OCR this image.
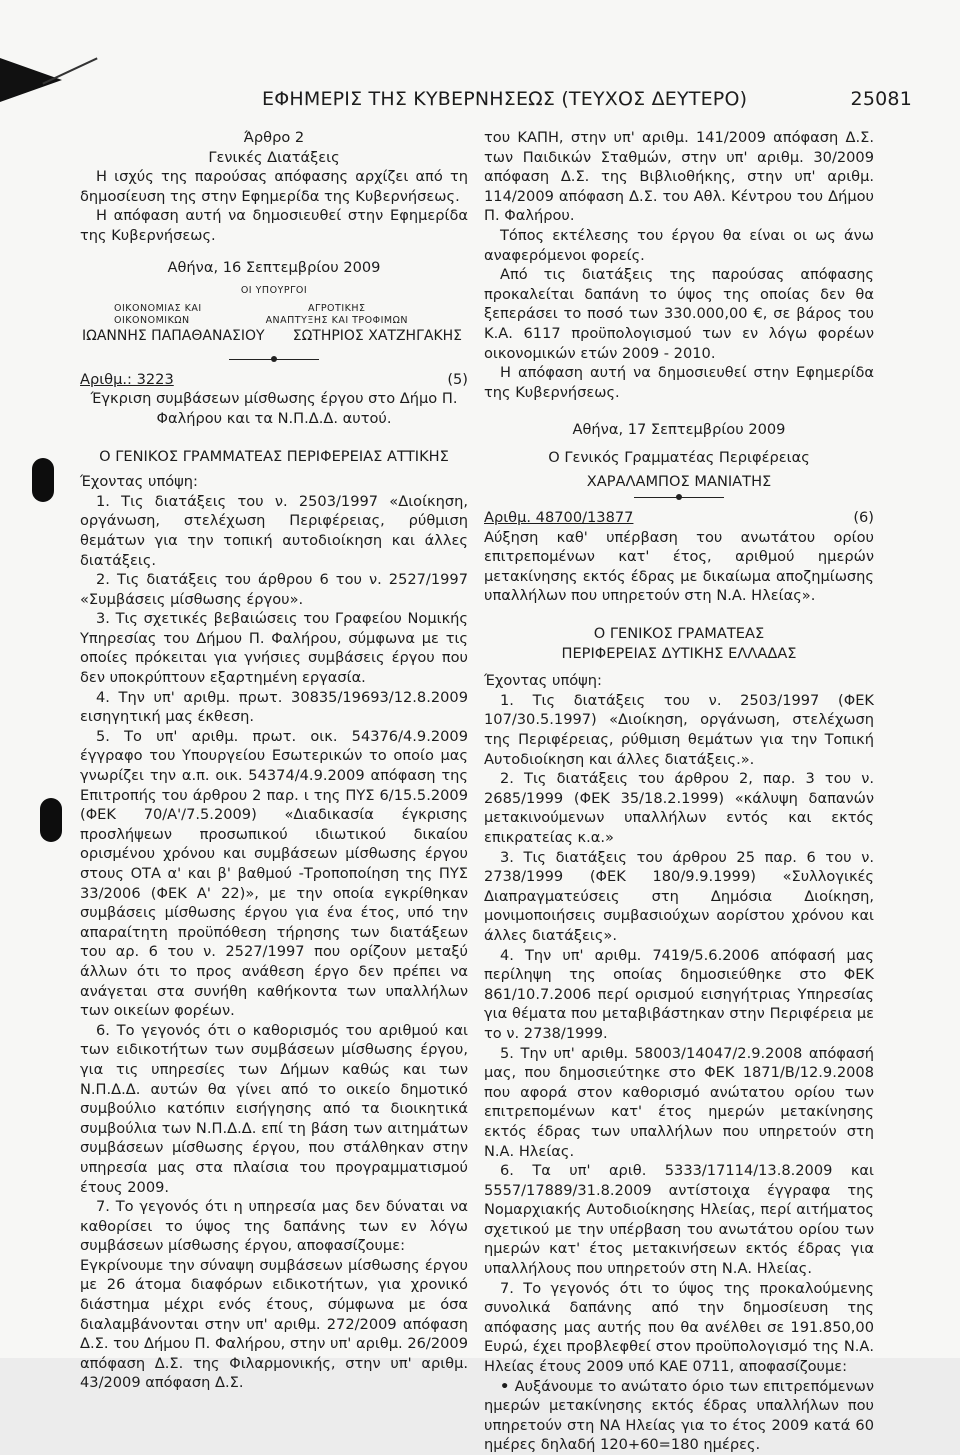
ΕΦΗΜΕΡΙΣ ΤΗΣ ΚΥΒΕΡΝΗΣΕΩΣ (ΤΕΥΧΟΣ ΔΕΥΤΕΡΟ)	25081

Άρθρο 2

Γενικές Διατάξεις

Η ισχύς της παρούσας απόφασης αρχίζει από τη δημοσίευση της στην Εφημερίδα της Κυβερνήσεως.

Η απόφαση αυτή να δημοσιευθεί στην Εφημερίδα της Κυβερνήσεως.

Αθήνα, 16 Σεπτεμβρίου 2009
ΟΙ ΥΠΟΥΡΓΟΙ
ΟΙΚΟΝΟΜΙΑΣ ΚΑΙ
ΟΙΚΟΝΟΜΙΚΩΝ
ΑΓΡΟΤΙΚΗΣ
ΑΝΑΠΤΥΞΗΣ ΚΑΙ ΤΡΟΦΙΜΩΝ
ΙΩΑΝΝΗΣ ΠΑΠΑΘΑΝΑΣΙΟΥ ΣΩΤΗΡΙΟΣ ΧΑΤΖΗΓΑΚΗΣ
Αριθμ.: 3223	(5)

Έγκριση συμβάσεων μίσθωσης έργου στο Δήμο Π. Φαλήρου και τα Ν.Π.Δ.Δ. αυτού.

Ο ΓΕΝΙΚΟΣ ΓΡΑΜΜΑΤΕΑΣ ΠΕΡΙΦΕΡΕΙΑΣ ΑΤΤΙΚΗΣ

Έχοντας υπόψη:

1. Τις διατάξεις του ν. 2503/1997 «Διοίκηση, οργάνωση, στελέχωση Περιφέρειας, ρύθμιση θεμάτων για την τοπική αυτοδιοίκηση και άλλες διατάξεις.

2. Τις διατάξεις του άρθρου 6 του ν. 2527/1997 «Συμβάσεις μίσθωσης έργου».

3. Τις σχετικές βεβαιώσεις του Γραφείου Νομικής Υπηρεσίας του Δήμου Π. Φαλήρου, σύμφωνα με τις οποίες πρόκειται για γνήσιες συμβάσεις έργου που δεν υποκρύπτουν εξαρτημένη εργασία.

4. Την υπ' αριθμ. πρωτ. 30835/19693/12.8.2009 εισηγητική μας έκθεση.

5. Το υπ' αριθμ. πρωτ. οικ. 54376/4.9.2009 έγγραφο του Υπουργείου Εσωτερικών το οποίο μας γνωρίζει την α.π. οικ. 54374/4.9.2009 απόφαση της Επιτροπής του άρθρου 2 παρ. ι της ΠΥΣ 6/15.5.2009 (ΦΕΚ 70/Α'/7.5.2009) «Διαδικασία έγκρισης προσλήψεων προσωπικού ιδιωτικού δικαίου ορισμένου χρόνου και συμβάσεων μίσθωσης έργου στους ΟΤΑ α' και β' βαθμού -Τροποποίηση της ΠΥΣ 33/2006 (ΦΕΚ Α' 22)», με την οποία εγκρίθηκαν συμβάσεις μίσθωσης έργου για ένα έτος, υπό την απαραίτητη προϋπόθεση τήρησης των διατάξεων του αρ. 6 του ν. 2527/1997 που ορίζουν μεταξύ άλλων ότι το προς ανάθεση έργο δεν πρέπει να ανάγεται στα συνήθη καθήκοντα των υπαλλήλων των οικείων φορέων.

6. Το γεγονός ότι ο καθορισμός του αριθμού και των ειδικοτήτων των συμβάσεων μίσθωσης έργου, για τις υπηρεσίες των Δήμων καθώς και των Ν.Π.Δ.Δ. αυτών θα γίνει από το οικείο δημοτικό συμβούλιο κατόπιν εισήγησης από τα διοικητικά συμβούλια των Ν.Π.Δ.Δ. επί τη βάση των αιτημάτων συμβάσεων μίσθωσης έργου, που στάλθηκαν στην υπηρεσία μας στα πλαίσια του προγραμματισμού έτους 2009.

7. Το γεγονός ότι η υπηρεσία μας δεν δύναται να καθορίσει το ύψος της δαπάνης των εν λόγω συμβάσεων μίσθωσης έργου, αποφασίζουμε:

Εγκρίνουμε την σύναψη συμβάσεων μίσθωσης έργου με 26 άτομα διαφόρων ειδικοτήτων, για χρονικό διάστημα μέχρι ενός έτους, σύμφωνα με όσα διαλαμβάνονται στην υπ' αριθμ. 272/2009 απόφαση Δ.Σ. του Δήμου Π. Φαλήρου, στην υπ' αριθμ. 26/2009 απόφαση Δ.Σ. της Φιλαρμονικής, στην υπ' αριθμ. 43/2009 απόφαση Δ.Σ.

του ΚΑΠΗ, στην υπ' αριθμ. 141/2009 απόφαση Δ.Σ. των Παιδικών Σταθμών, στην υπ' αριθμ. 30/2009 απόφαση Δ.Σ. της Βιβλιοθήκης, στην υπ' αριθμ. 114/2009 απόφαση Δ.Σ. του Αθλ. Κέντρου του Δήμου Π. Φαλήρου.

Τόπος εκτέλεσης του έργου θα είναι οι ως άνω αναφερόμενοι φορείς.

Από τις διατάξεις της παρούσας απόφασης προκαλείται δαπάνη το ύψος της οποίας δεν θα ξεπεράσει το ποσό των 330.000,00 €, σε βάρος του Κ.Α. 6117 προϋπολογισμού των εν λόγω φορέων οικονομικών ετών 2009 - 2010.

Η απόφαση αυτή να δημοσιευθεί στην Εφημερίδα της Κυβερνήσεως.

Αθήνα, 17 Σεπτεμβρίου 2009
Ο Γενικός Γραμματέας Περιφέρειας
ΧΑΡΑΛΑΜΠΟΣ ΜΑΝΙΑΤΗΣ
Αριθμ. 48700/13877	(6)

Αύξηση καθ' υπέρβαση του ανωτάτου ορίου επιτρεπομένων κατ' έτος, αριθμού ημερών μετακίνησης εκτός έδρας με δικαίωμα αποζημίωσης υπαλλήλων που υπηρετούν στη Ν.Α. Ηλείας».

Ο ΓΕΝΙΚΟΣ ΓΡΑΜΑΤΕΑΣ
ΠΕΡΙΦΕΡΕΙΑΣ ΔΥΤΙΚΗΣ ΕΛΛΑΔΑΣ

Έχοντας υπόψη:

1. Τις διατάξεις του ν. 2503/1997 (ΦΕΚ 107/30.5.1997) «Διοίκηση, οργάνωση, στελέχωση της Περιφέρειας, ρύθμιση θεμάτων για την Τοπική Αυτοδιοίκηση και άλλες διατάξεις.».

2. Τις διατάξεις του άρθρου 2, παρ. 3 του ν. 2685/1999 (ΦΕΚ 35/18.2.1999) «κάλυψη δαπανών μετακινούμενων υπαλλήλων εντός και εκτός επικρατείας κ.α.»

3. Τις διατάξεις του άρθρου 25 παρ. 6 του ν. 2738/1999 (ΦΕΚ 180/9.9.1999) «Συλλογικές Διαπραγματεύσεις στη Δημόσια Διοίκηση, μονιμοποιήσεις συμβασιούχων αορίστου χρόνου και άλλες διατάξεις».

4. Την υπ' αριθμ. 7419/5.6.2006 απόφασή μας περίληψη της οποίας δημοσιεύθηκε στο ΦΕΚ 861/10.7.2006 περί ορισμού εισηγήτριας Υπηρεσίας για θέματα που μεταβιβάστηκαν στην Περιφέρεια με το ν. 2738/1999.

5. Την υπ' αριθμ. 58003/14047/2.9.2008 απόφασή μας, που δημοσιεύτηκε στο ΦΕΚ 1871/Β/12.9.2008 που αφορά στον καθορισμό ανώτατου ορίου των επιτρεπομένων κατ' έτος ημερών μετακίνησης εκτός έδρας των υπαλλήλων που υπηρετούν στη Ν.Α. Ηλείας.

6. Τα υπ' αριθ. 5333/17114/13.8.2009 και 5557/17889/31.8.2009 αντίστοιχα έγγραφα της Νομαρχιακής Αυτοδιοίκησης Ηλείας, περί αιτήματος σχετικού με την υπέρβαση του ανωτάτου ορίου των ημερών κατ' έτος μετακινήσεων εκτός έδρας για υπαλλήλους που υπηρετούν στη Ν.Α. Ηλείας.

7. Το γεγονός ότι το ύψος της προκαλούμενης συνολικά δαπάνης από την δημοσίευση της απόφασης μας αυτής που θα ανέλθει σε 191.850,00 Ευρώ, έχει προβλεφθεί στον προϋπολογισμό της Ν.Α. Ηλείας έτους 2009 υπό ΚΑΕ 0711, αποφασίζουμε:

• Αυξάνουμε το ανώτατο όριο των επιτρεπόμενων ημερών μετακίνησης εκτός έδρας υπαλλήλων που υπηρετούν στη ΝΑ Ηλείας για το έτος 2009 κατά 60 ημέρες δηλαδή 120+60=180 ημέρες.
